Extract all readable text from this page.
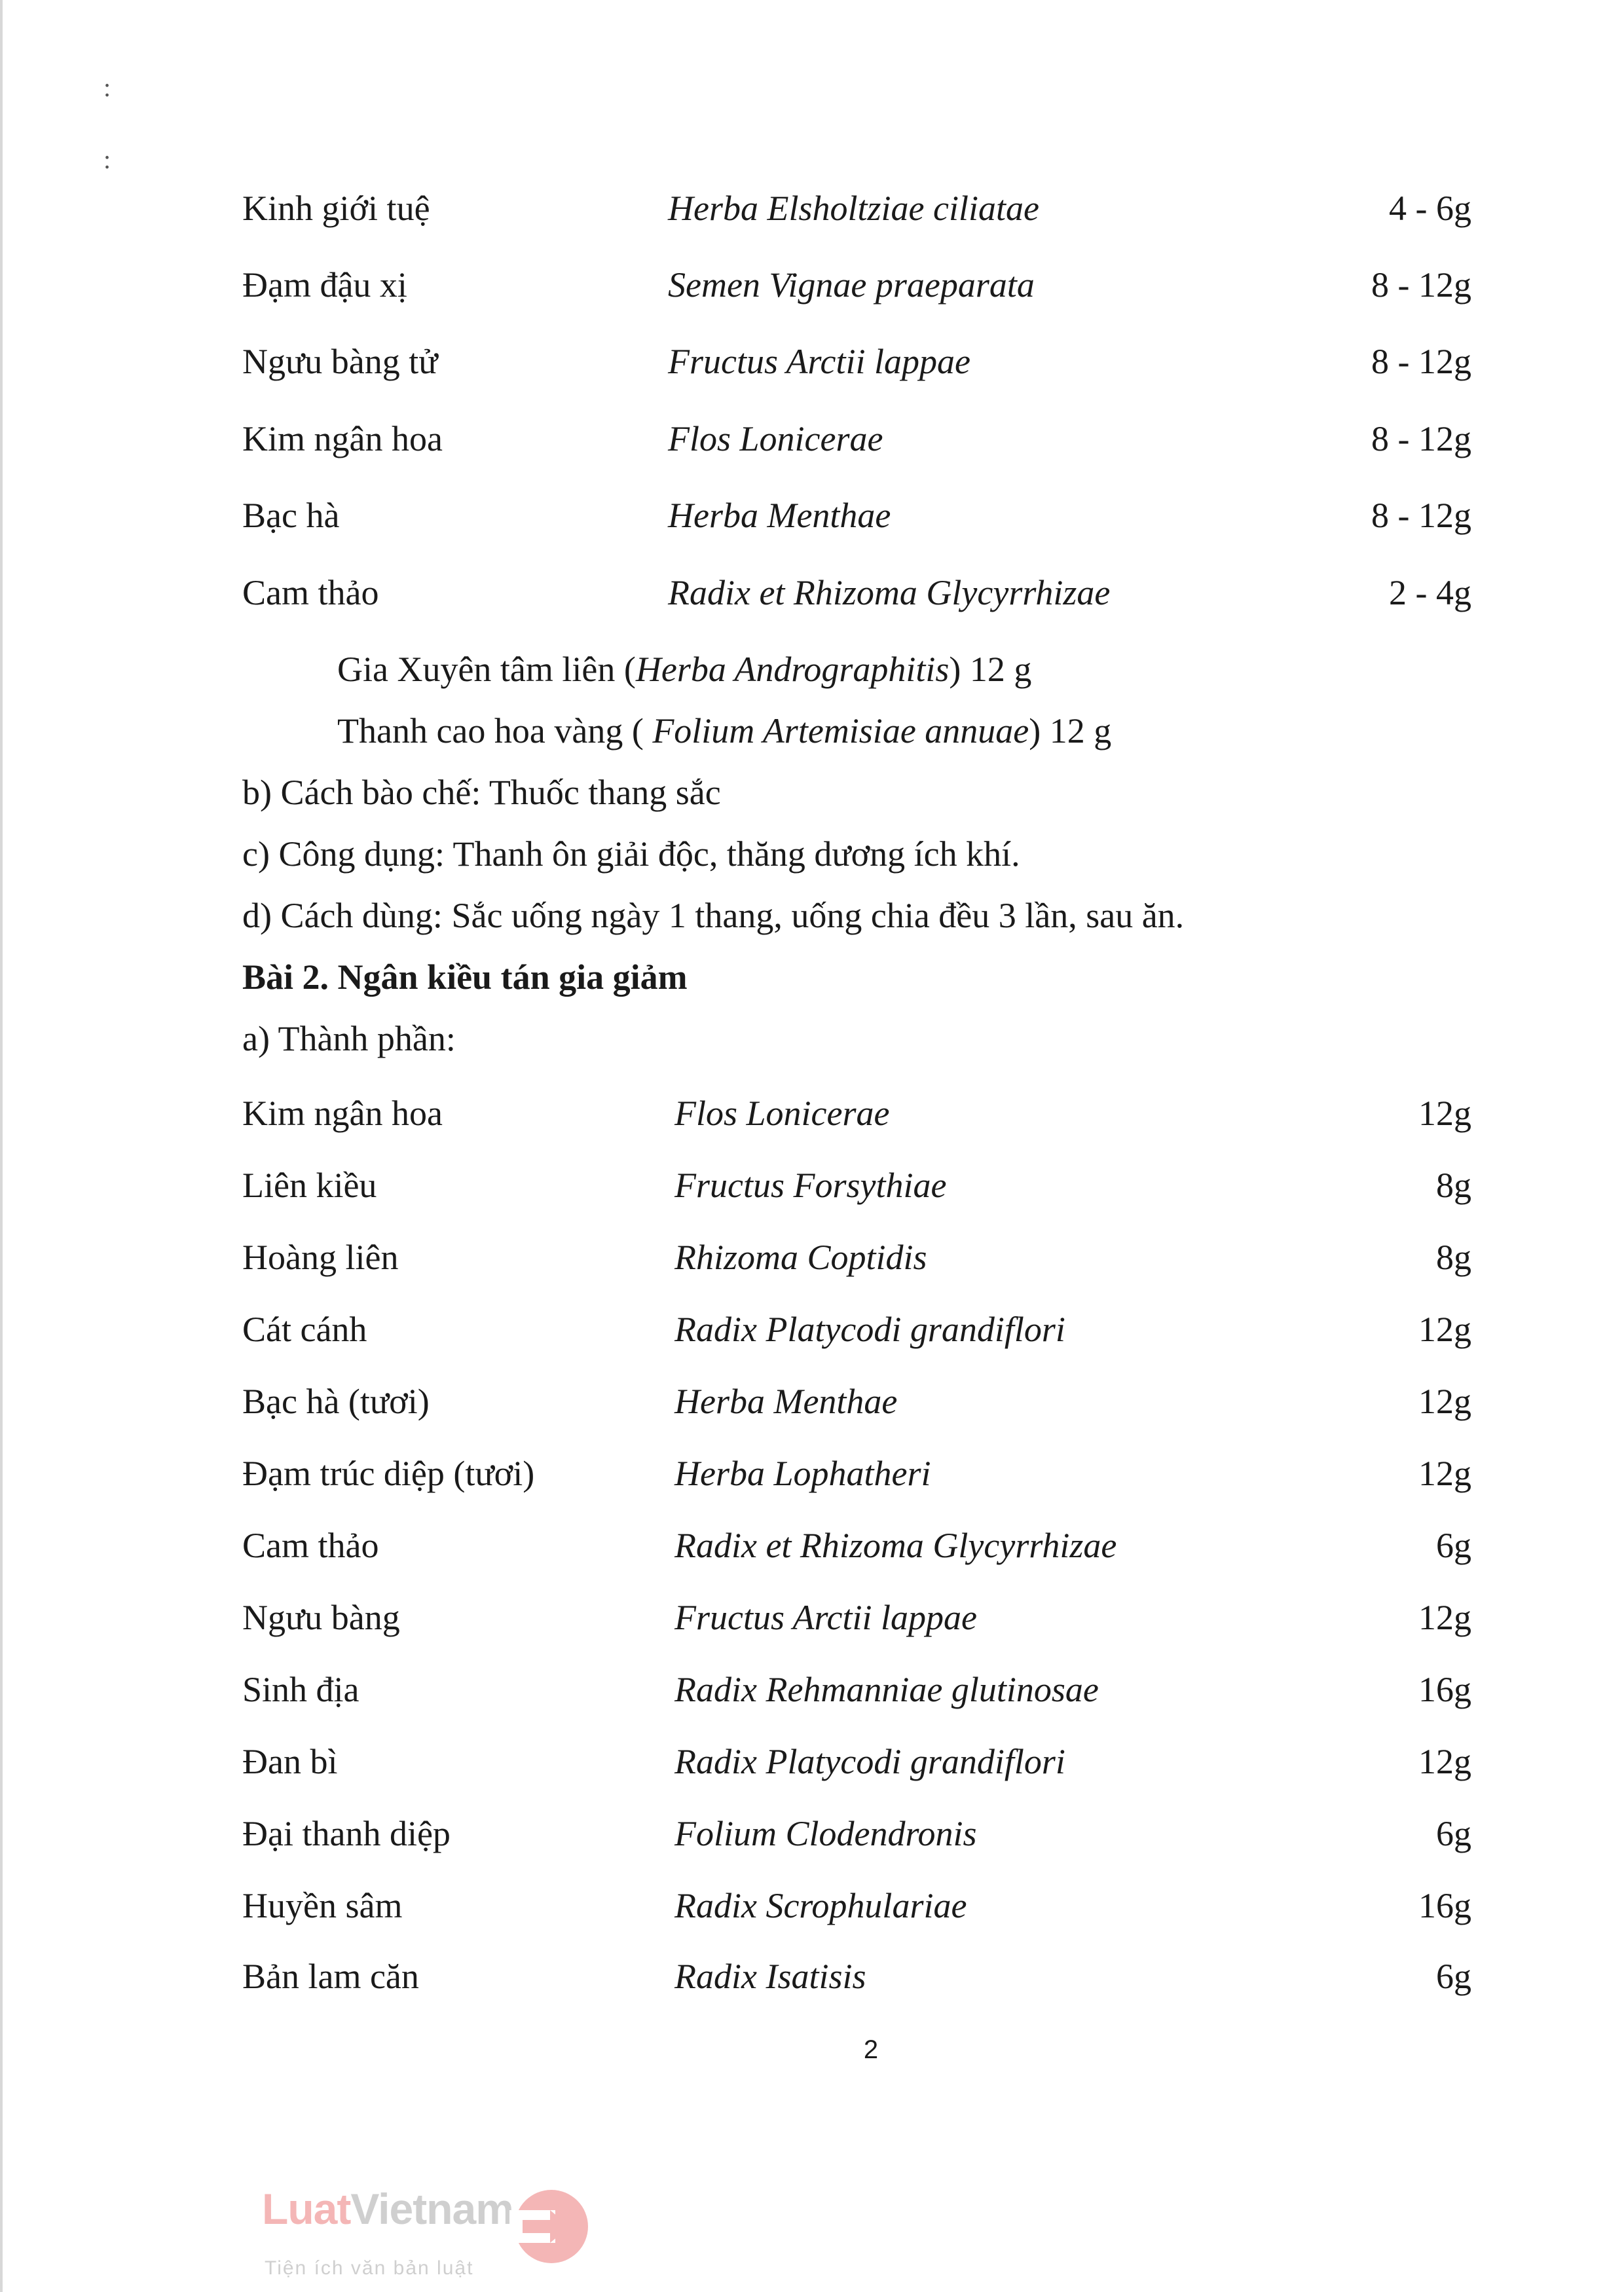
:
:
Kinh giới tuệ	Herba Elsholtziae ciliatae	4 - 6g
Đạm đậu xị	Semen Vignae praeparata	8 - 12g
Ngưu bàng tử	Fructus Arctii lappae	8 - 12g
Kim ngân hoa	Flos Lonicerae	8 - 12g
Bạc hà	Herba Menthae	8 - 12g
Cam thảo	Radix et Rhizoma Glycyrrhizae	2 - 4g
Gia Xuyên tâm liên (Herba Andrographitis) 12 g
Thanh cao hoa vàng ( Folium Artemisiae annuae) 12 g
b) Cách bào chế: Thuốc thang sắc
c) Công dụng: Thanh ôn giải độc, thăng dương ích khí.
d) Cách dùng: Sắc uống ngày 1 thang, uống chia đều 3 lần, sau ăn.
Bài 2. Ngân kiều tán gia giảm
a) Thành phần:
Kim ngân hoa	Flos Lonicerae	12g
Liên kiều	Fructus Forsythiae	8g
Hoàng liên	Rhizoma Coptidis	8g
Cát cánh	Radix Platycodi grandiflori	12g
Bạc hà (tươi)	Herba Menthae	12g
Đạm trúc diệp (tươi)	Herba Lophatheri	12g
Cam thảo	Radix et Rhizoma Glycyrrhizae	6g
Ngưu bàng	Fructus Arctii lappae	12g
Sinh địa	Radix Rehmanniae glutinosae	16g
Đan bì	Radix Platycodi grandiflori	12g
Đại thanh diệp	Folium Clodendronis	6g
Huyền sâm	Radix Scrophulariae	16g
Bản lam căn	Radix Isatisis	6g
2
LuatVietnam
Tiện ích văn bản luật
